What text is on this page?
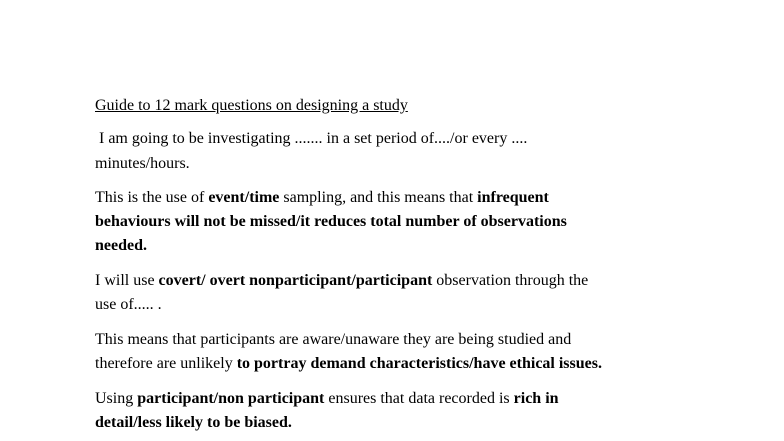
Guide to 12 mark questions on designing a study
I am going to be investigating ....... in a set period of..../or every ....
minutes/hours.
This is the use of event/time sampling, and this means that infrequent
behaviours will not be missed/it reduces total number of observations
needed.
I will use covert/ overt nonparticipant/participant observation through the
use of..... .
This means that participants are aware/unaware they are being studied and
therefore are unlikely to portray demand characteristics/have ethical issues.
Using participant/non participant ensures that data recorded is rich in
detail/less likely to be biased.
